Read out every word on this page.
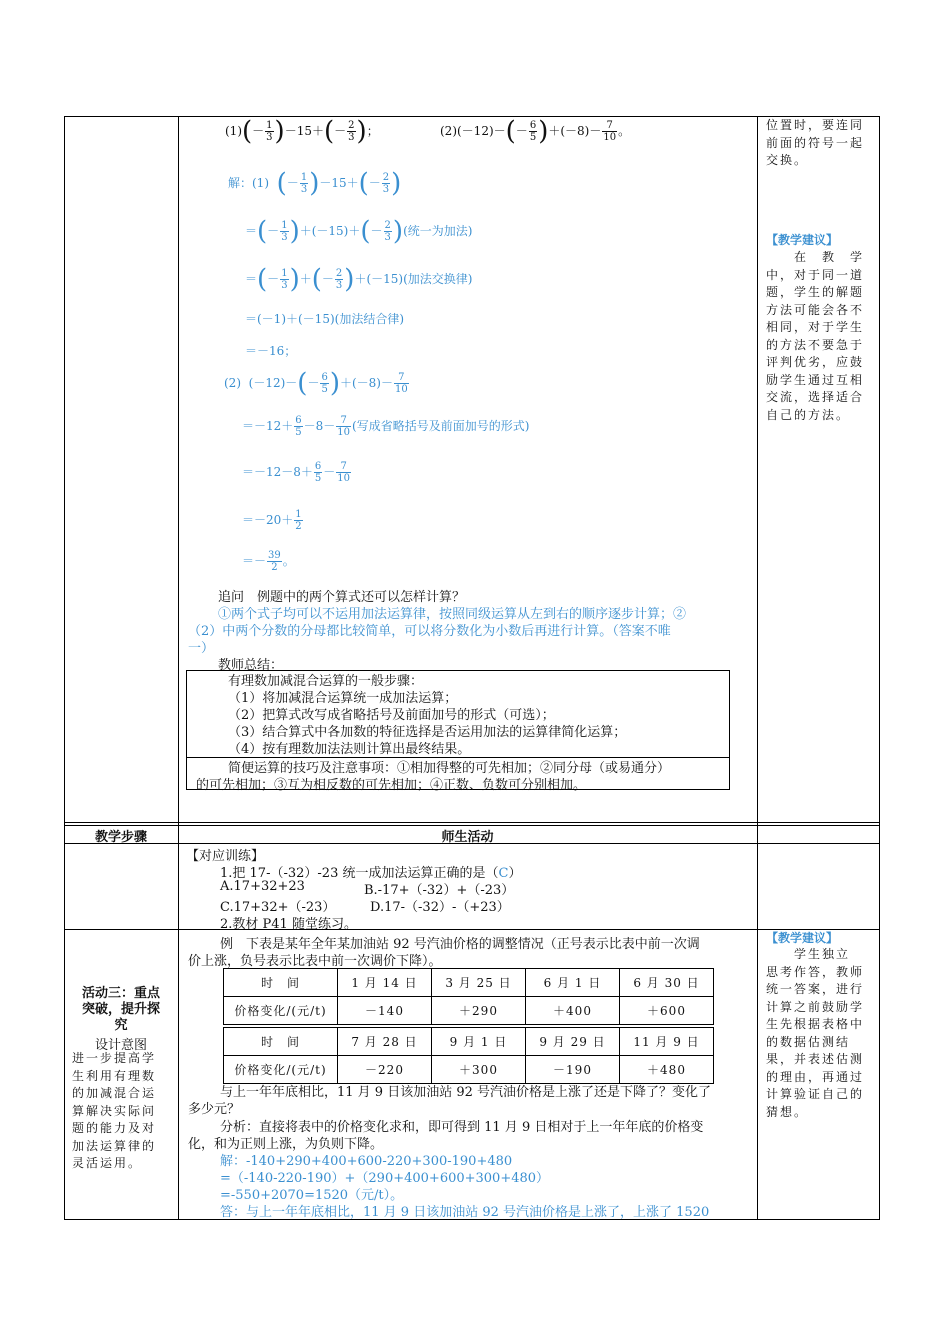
$(1)(- \frac{1}{3} )-15+(- \frac{2}{3}$ )；	$(2)(-12)-(- \frac{6}{5} )+(-8)- \frac{7}{10}$ 。
解：(1) (－ $\frac{1}{3} )-15+(- \frac{2}{3}$ )
＝(－ $\frac{1}{3} )+(-15)+(- \frac{2}{3}$ )(统一为加法)
＝(－ $\frac{1}{3}$ )＋(－ $\frac{2}{3} )+(-15)$(加法交换律)
＝(－1)＋(－15)(加法结合律)
＝－16；
(2) $(-12)-(- \frac{6}{5} )+(-8)- \frac{7}{10}$
$=-12+ \frac{6}{5} -8- \frac{7}{10}$ (写成省略括号及前面加号的形式)
$=-12-8+ \frac{6}{5} - \frac{7}{10}$
$=-20+ \frac{1}{2}$
＝－ $\frac{39}{2}$ 。
追问　例题中的两个算式还可以怎样计算？
①两个式子均可以不运用加法运算律，按照同级运算从左到右的顺序逐步计算；②
（2）中两个分数的分母都比较简单，可以将分数化为小数后再进行计算。（答案不唯
一）
教师总结：
有理数加减混合运算的一般步骤：
（1）将加减混合运算统一成加法运算；
（2）把算式改写成省略括号及前面加号的形式（可选）；
（3）结合算式中各加数的特征选择是否运用加法的运算律简化运算；
（4）按有理数加法法则计算出最终结果。
简便运算的技巧及注意事项：①相加得整的可先相加；②同分母（或易通分）
的可先相加；③互为相反数的可先相加；④正数、负数可分别相加。
位置时，要连同
前面的符号一起
交换。
【教学建议】
　　在　教　学
中，对于同一道
题，学生的解题
方法可能会各不
相同，对于学生
的方法不要急于
评判优劣，应鼓
励学生通过互相
交流，选择适合
自己的方法。
教学步骤	师生活动
【对应训练】
1.把 17-（-32）-23 统一成加法运算正确的是（C）
A.17+32+23	B.-17+（-32）+（-23）
C.17+32+（-23）	D.17-（-32）-（+23）
2.教材 P41 随堂练习。
活动三：重点
突破，提升探
究
设计意图
进一步提高学
生利用有理数
的加减混合运
算解决实际问
题的能力及对
加法运算律的
灵活运用。
例　下表是某年全年某加油站 92 号汽油价格的调整情况（正号表示比表中前一次调
价上涨，负号表示比表中前一次调价下降）。
时　间	1 月 14 日	3 月 25 日	6 月 1 日	6 月 30 日
价格变化/(元/t)	－140	＋290	＋400	＋600
时　间	7 月 28 日	9 月 1 日	9 月 29 日	11 月 9 日
价格变化/(元/t)	－220	＋300	－190	＋480
与上一年年底相比，11 月 9 日该加油站 92 号汽油价格是上涨了还是下降了？变化了
多少元？
分析：直接将表中的价格变化求和，即可得到 11 月 9 日相对于上一年年底的价格变
化，和为正则上涨，为负则下降。
解：-140+290+400+600-220+300-190+480
=（-140-220-190）+（290+400+600+300+480）
=-550+2070=1520（元/t）。
答：与上一年年底相比，11 月 9 日该加油站 92 号汽油价格是上涨了，上涨了 1520
【教学建议】
　　学生独立
思考作答，教师
统一答案，进行
计算之前鼓励学
生先根据表格中
的数据估测结
果，并表述估测
的理由，再通过
计算验证自己的
猜想。
